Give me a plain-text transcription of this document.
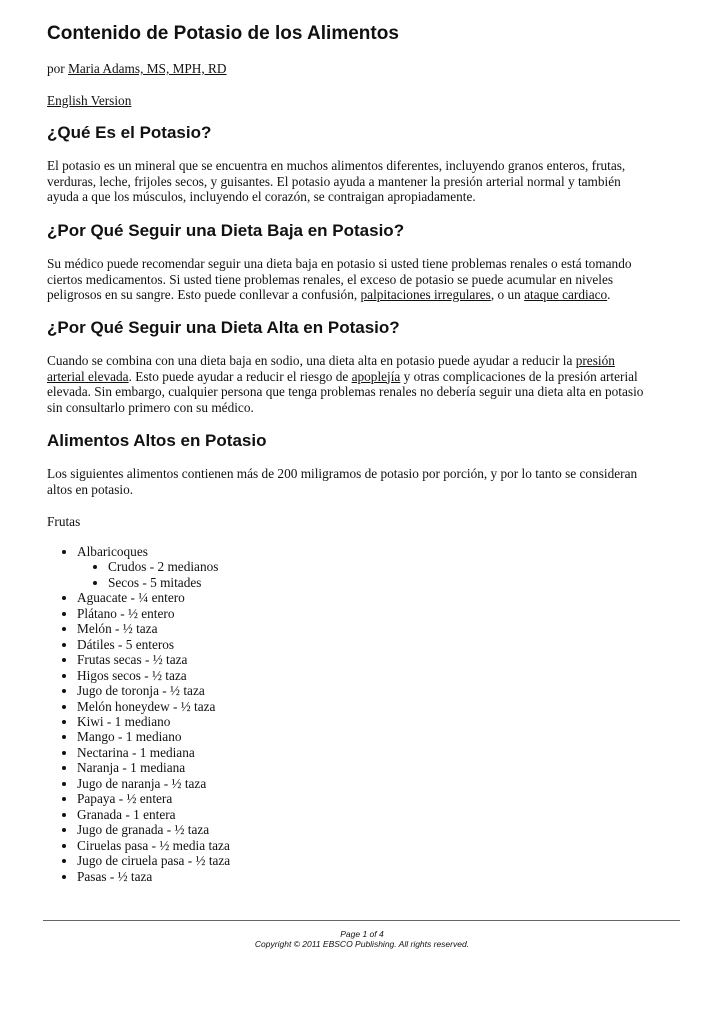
Contenido de Potasio de los Alimentos

por Maria Adams, MS, MPH, RD

English Version

¿Qué Es el Potasio?

El potasio es un mineral que se encuentra en muchos alimentos diferentes, incluyendo granos enteros, frutas,
verduras, leche, frijoles secos, y guisantes. El potasio ayuda a mantener la presión arterial normal y también
ayuda a que los músculos, incluyendo el corazón, se contraigan apropiadamente.

¿Por Qué Seguir una Dieta Baja en Potasio?

Su médico puede recomendar seguir una dieta baja en potasio si usted tiene problemas renales o está tomando
ciertos medicamentos. Si usted tiene problemas renales, el exceso de potasio se puede acumular en niveles
peligrosos en su sangre. Esto puede conllevar a confusión, palpitaciones irregulares, o un ataque cardiaco.

¿Por Qué Seguir una Dieta Alta en Potasio?

Cuando se combina con una dieta baja en sodio, una dieta alta en potasio puede ayudar a reducir la presión
arterial elevada. Esto puede ayudar a reducir el riesgo de apoplejía y otras complicaciones de la presión arterial
elevada. Sin embargo, cualquier persona que tenga problemas renales no debería seguir una dieta alta en potasio
sin consultarlo primero con su médico.

Alimentos Altos en Potasio

Los siguientes alimentos contienen más de 200 miligramos de potasio por porción, y por lo tanto se consideran
altos en potasio.

Frutas

• Albaricoques
• Crudos - 2 medianos
• Secos - 5 mitades
• Aguacate - ¼ entero
• Plátano - ½ entero
• Melón - ½ taza
• Dátiles - 5 enteros
• Frutas secas - ½ taza
• Higos secos - ½ taza
• Jugo de toronja - ½ taza
• Melón honeydew - ½ taza
• Kiwi - 1 mediano
• Mango - 1 mediano
• Nectarina - 1 mediana
• Naranja - 1 mediana
• Jugo de naranja - ½ taza
• Papaya - ½ entera
• Granada - 1 entera
• Jugo de granada - ½ taza
• Ciruelas pasa - ½ media taza
• Jugo de ciruela pasa - ½ taza
• Pasas - ½ taza

Page 1 of 4

Copyright © 2011 EBSCO Publishing. All rights reserved.
